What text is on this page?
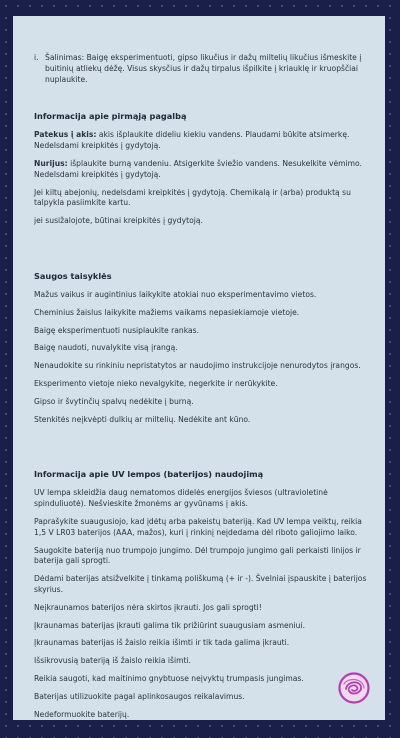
i. Šalinimas: Baigę eksperimentuoti, gipso likučius ir dažų miltelių likučius išmeskite į buitinių atliekų dėžę. Visus skysčius ir dažų tirpalus išpilkite į kriauklę ir kruopščiai nuplaukite.
Informacija apie pirmąją pagalbą

Patekus į akis: akis išplaukite dideliu kiekiu vandens. Plaudami būkite atsimerkę. Nedelsdami kreipkitės į gydytoją.

Nurijus: išplaukite burną vandeniu. Atsigerkite šviežio vandens. Nesukelkite vėmimo. Nedelsdami kreipkitės į gydytoją.

Jei kiltų abejonių, nedelsdami kreipkitės į gydytoją. Chemikalą ir (arba) produktą su talpykla pasiimkite kartu.

jei susižalojote, būtinai kreipkitės į gydytoją.

Saugos taisyklės

Mažus vaikus ir augintinius laikykite atokiai nuo eksperimentavimo vietos.

Cheminius žaislus laikykite mažiems vaikams nepasiekiamoje vietoje.

Baigę eksperimentuoti nusiplaukite rankas.

Baigę naudoti, nuvalykite visą įrangą.

Nenaudokite su rinkiniu nepristatytos ar naudojimo instrukcijoje nenurodytos įrangos.

Eksperimento vietoje nieko nevalgykite, negerkite ir nerūkykite.

Gipso ir švytinčių spalvų nedėkite į burną.

Stenkitės neįkvėpti dulkių ar miltelių. Nedėkite ant kūno.

Informacija apie UV lempos (baterijos) naudojimą

UV lempa skleidžia daug nematomos didelės energijos šviesos (ultravioletinė spinduliuotė). Nešvieskite žmonėms ar gyvūnams į akis.

Paprašykite suaugusiojo, kad įdėtų arba pakeistų bateriją. Kad UV lempa veiktų, reikia 1,5 V LR03 baterijos (AAA, mažos), kuri į rinkinį neįdedama dėl riboto galiojimo laiko.

Saugokite bateriją nuo trumpojo jungimo. Dėl trumpojo jungimo gali perkaisti linijos ir baterija gali sprogti.

Dėdami baterijas atsižvelkite į tinkamą poliškumą (+ ir -). Švelniai įspauskite į baterijos skyrius.

Neįkraunamos baterijos nėra skirtos įkrauti. Jos gali sprogti!

Įkraunamas baterijas įkrauti galima tik prižiūrint suaugusiam asmeniui.

Įkraunamas baterijas iš žaislo reikia išimti ir tik tada galima įkrauti.

Išsikrovusią bateriją iš žaislo reikia išimti.

Reikia saugoti, kad maitinimo gnybtuose neįvyktų trumpasis jungimas.

Baterijas utilizuokite pagal aplinkosaugos reikalavimus.

Nedeformuokite baterijų.
